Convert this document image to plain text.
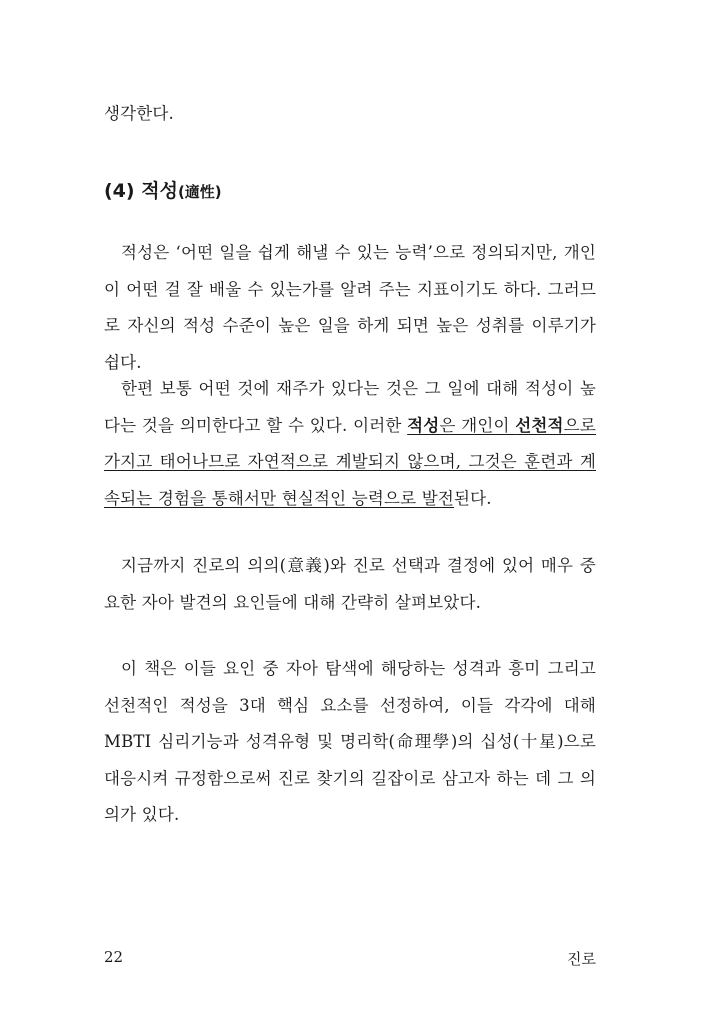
생각한다.

(4) 적성(適性)

적성은 ‘어떤 일을 쉽게 해낼 수 있는 능력’으로 정의되지만, 개인이 어떤 걸 잘 배울 수 있는가를 알려 주는 지표이기도 하다. 그러므로 자신의 적성 수준이 높은 일을 하게 되면 높은 성취를 이루기가 쉽다.

한편 보통 어떤 것에 재주가 있다는 것은 그 일에 대해 적성이 높다는 것을 의미한다고 할 수 있다. 이러한 적성은 개인이 선천적으로 가지고 태어나므로 자연적으로 계발되지 않으며, 그것은 훈련과 계속되는 경험을 통해서만 현실적인 능력으로 발전된다.

지금까지 진로의 의의(意義)와 진로 선택과 결정에 있어 매우 중요한 자아 발견의 요인들에 대해 간략히 살펴보았다.

이 책은 이들 요인 중 자아 탐색에 해당하는 성격과 흥미 그리고 선천적인 적성을 3대 핵심 요소를 선정하여, 이들 각각에 대해 MBTI 심리기능과 성격유형 및 명리학(命理學)의 십성(十星)으로 대응시켜 규정함으로써 진로 찾기의 길잡이로 삼고자 하는 데 그 의의가 있다.

22	진로
